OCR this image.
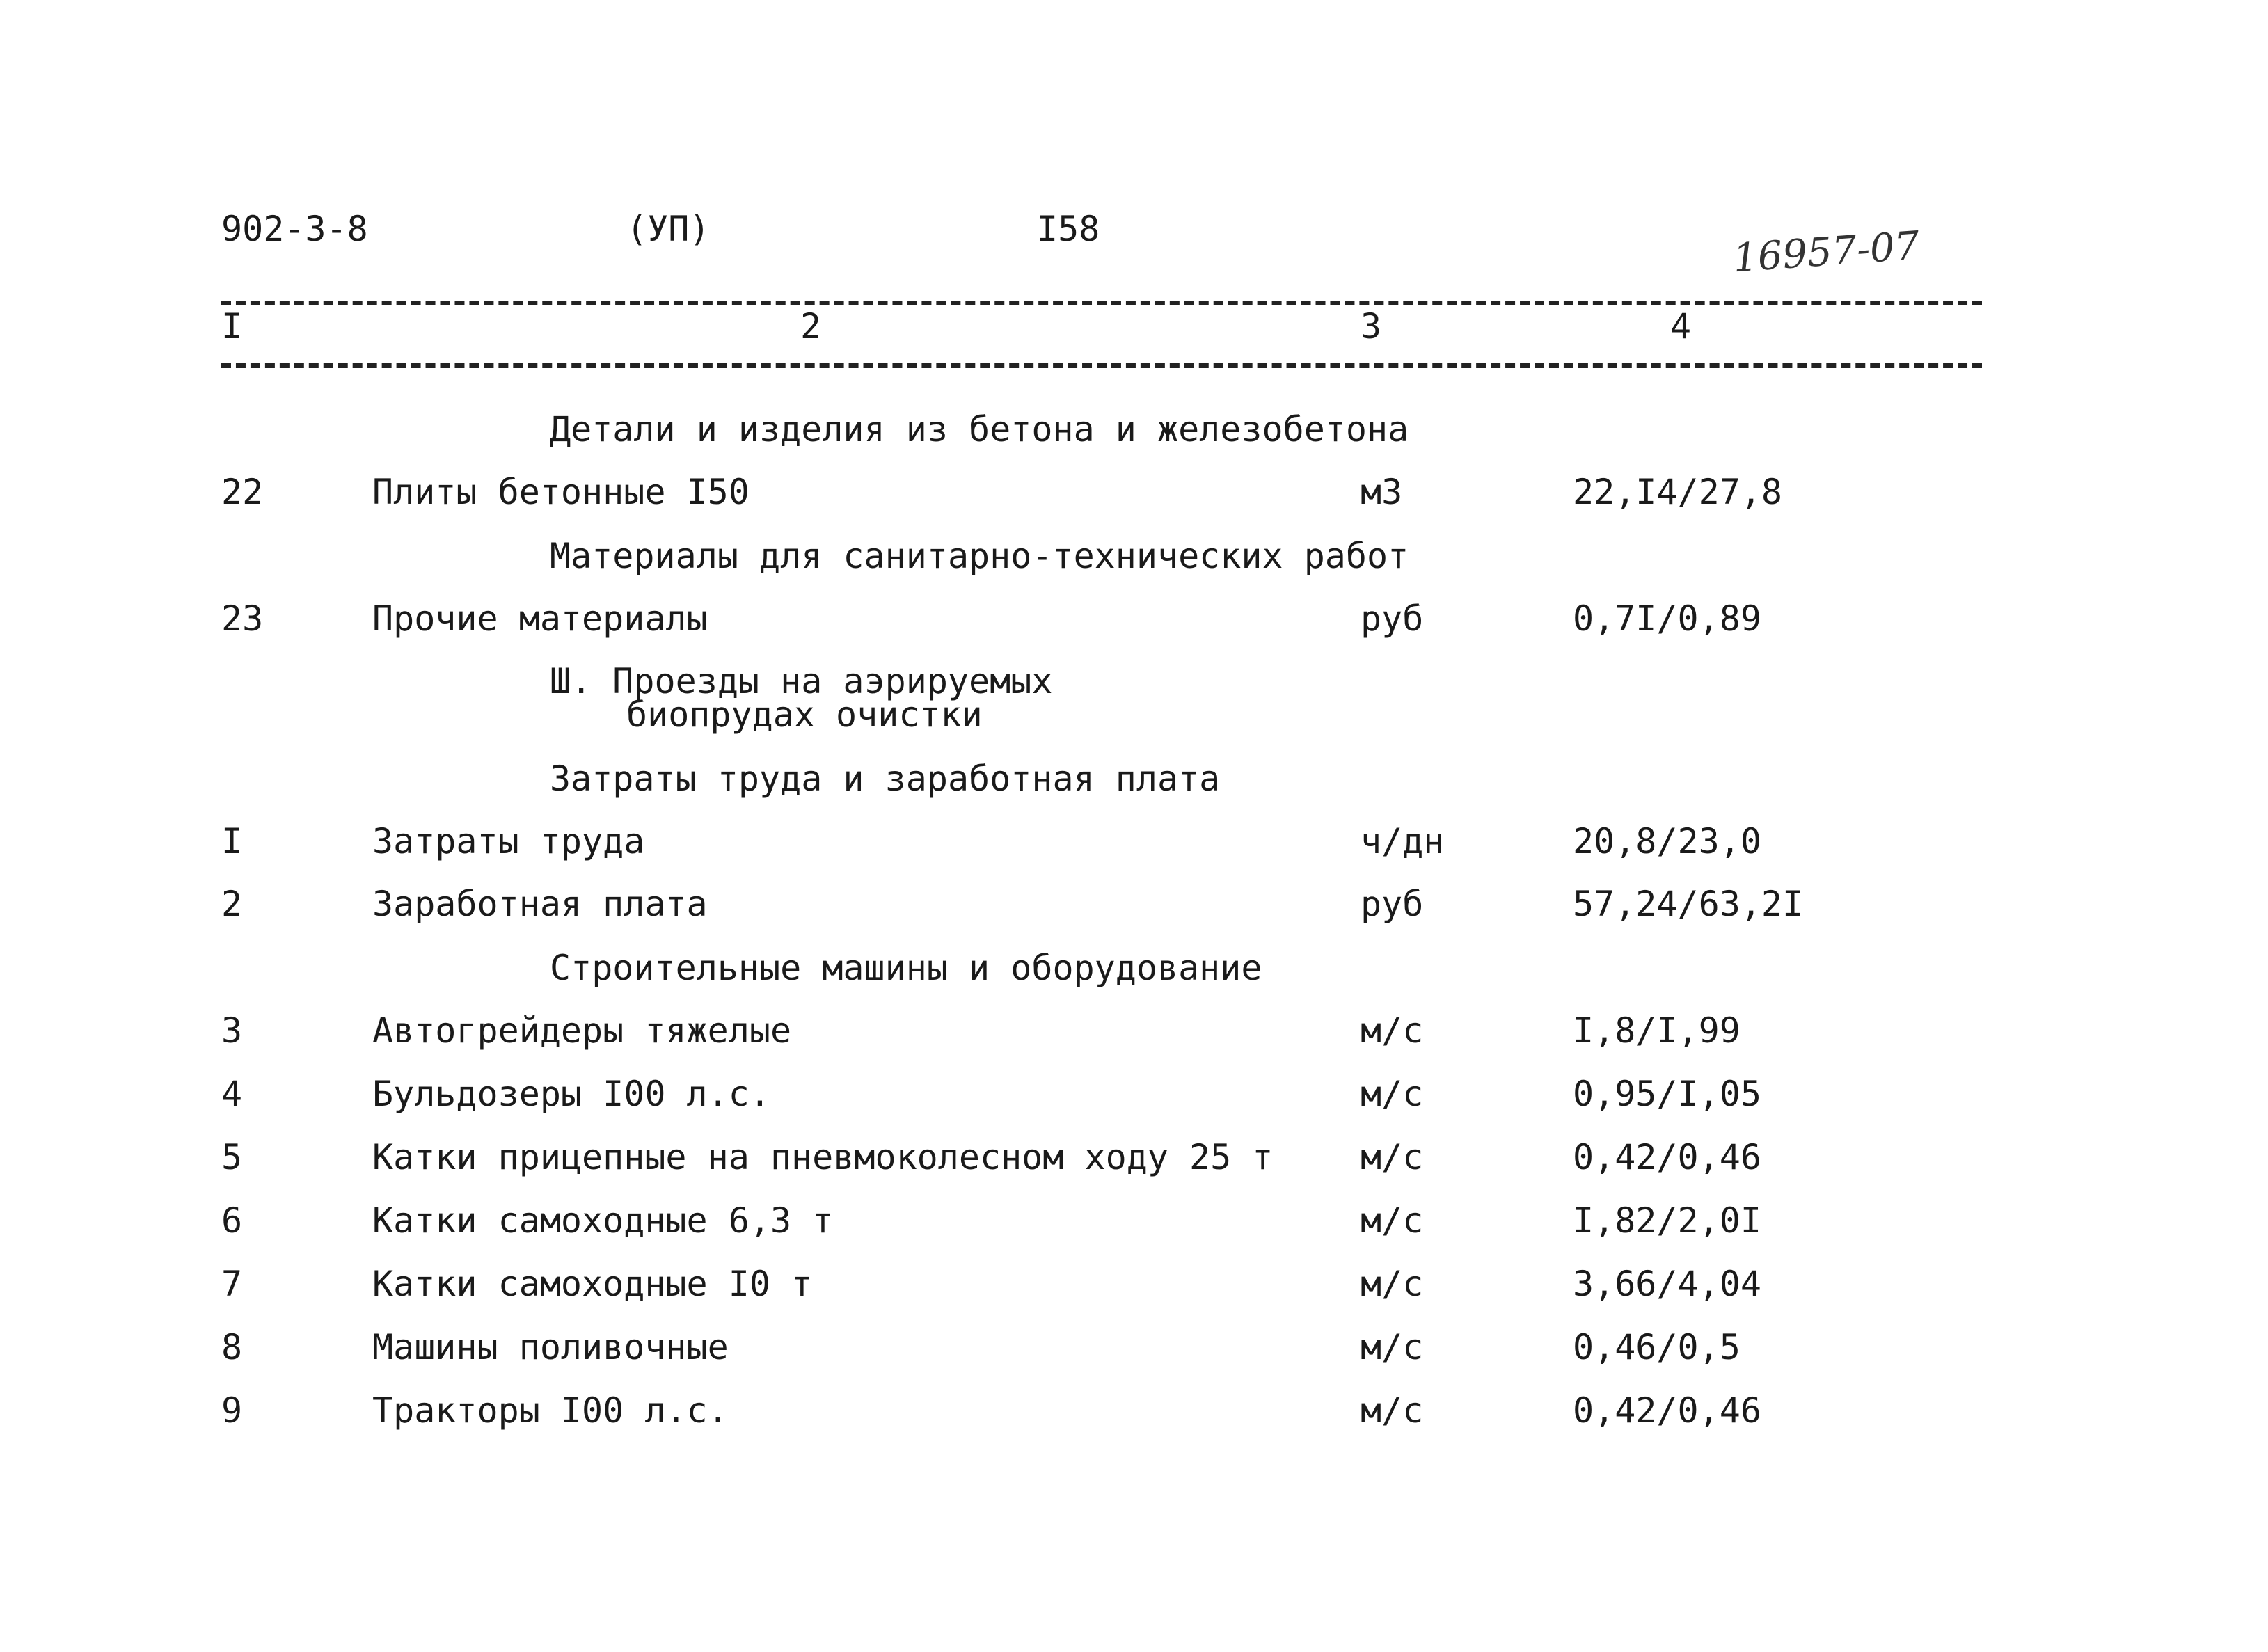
902-3-8	(УП)	I58	16957-07
I	2	3	4
Детали и изделия из бетона и железобетона
22	Плиты бетонные I50	м3	22,I4/27,8
Материалы для санитарно-технических работ
23	Прочие материалы	руб	0,7I/0,89
Ш. Проезды на аэрируемых
биопрудах очистки
Затраты труда и заработная плата
I	Затраты труда	ч/дн	20,8/23,0
2	Заработная плата	руб	57,24/63,2I
Строительные машины и оборудование
3	Автогрейдеры тяжелые	м/с	I,8/I,99
4	Бульдозеры I00 л.с.	м/с	0,95/I,05
5	Катки прицепные на пневмоколесном ходу 25 т	м/с	0,42/0,46
6	Катки самоходные 6,3 т	м/с	I,82/2,0I
7	Катки самоходные I0 т	м/с	3,66/4,04
8	Машины поливочные	м/с	0,46/0,5
9	Тракторы I00 л.с.	м/с	0,42/0,46
